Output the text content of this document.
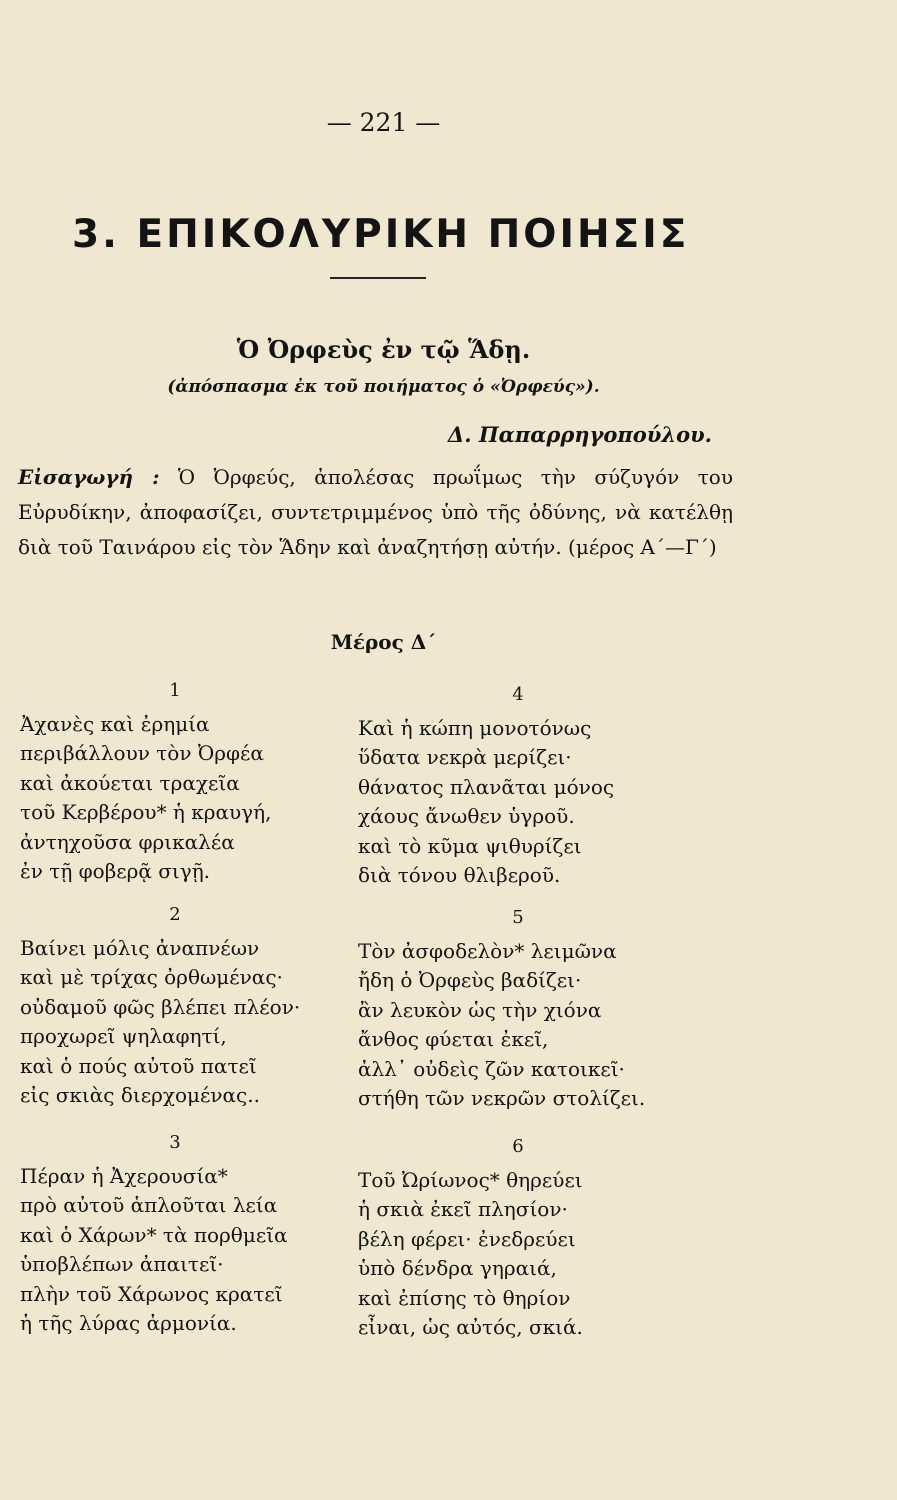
— 221 —
3. ΕΠΙΚΟΛΥΡΙΚΗ ΠΟΙΗΣΙΣ
Ὁ Ὀρφεὺς ἐν τῷ Ἅδῃ.
(ἀπόσπασμα ἐκ τοῦ ποιήματος ὁ «Ὀρφεύς»).
Δ. Παπαρρηγοπούλου.
Εἰσαγωγή : Ὁ Ὀρφεύς, ἀπολέσας πρωΐμως τὴν σύζυγόν του Εὐρυδίκην, ἀποφασίζει, συντετριμμένος ὑπὸ τῆς ὀδύνης, νὰ κατέλθῃ διὰ τοῦ Ταινάρου εἰς τὸν Ἅδην καὶ ἀναζητήσῃ αὐτήν. (μέρος Α΄—Γ΄)
Μέρος Δ΄
1
Ἀχανὲς καὶ ἐρημία
περιβάλλουν τὸν Ὀρφέα
καὶ ἀκούεται τραχεῖα
τοῦ Κερβέρου* ἡ κραυγή,
ἀντηχοῦσα φρικαλέα
ἐν τῇ φοβερᾷ σιγῇ.
2
Βαίνει μόλις ἀναπνέων
καὶ μὲ τρίχας ὀρθωμένας·
οὐδαμοῦ φῶς βλέπει πλέον·
προχωρεῖ ψηλαφητί,
καὶ ὁ πούς αὐτοῦ πατεῖ
εἰς σκιὰς διερχομένας..
3
Πέραν ἡ Ἀχερουσία*
πρὸ αὐτοῦ ἁπλοῦται λεία
καὶ ὁ Χάρων* τὰ πορθμεῖα
ὑποβλέπων ἀπαιτεῖ·
πλὴν τοῦ Χάρωνος κρατεῖ
ἡ τῆς λύρας ἁρμονία.
4
Καὶ ἡ κώπη μονοτόνως
ὕδατα νεκρὰ μερίζει·
θάνατος πλανᾶται μόνος
χάους ἄνωθεν ὑγροῦ.
καὶ τὸ κῦμα ψιθυρίζει
διὰ τόνου θλιβεροῦ.
5
Τὸν ἀσφοδελὸν* λειμῶνα
ἤδη ὁ Ὀρφεὺς βαδίζει·
ἂν λευκὸν ὡς τὴν χιόνα
ἄνθος φύεται ἐκεῖ,
ἀλλ᾽ οὐδεὶς ζῶν κατοικεῖ·
στήθη τῶν νεκρῶν στολίζει.
6
Τοῦ Ὠρίωνος* θηρεύει
ἡ σκιὰ ἐκεῖ πλησίον·
βέλη φέρει· ἐνεδρεύει
ὑπὸ δένδρα γηραιά,
καὶ ἐπίσης τὸ θηρίον
εἶναι, ὡς αὐτός, σκιά.
